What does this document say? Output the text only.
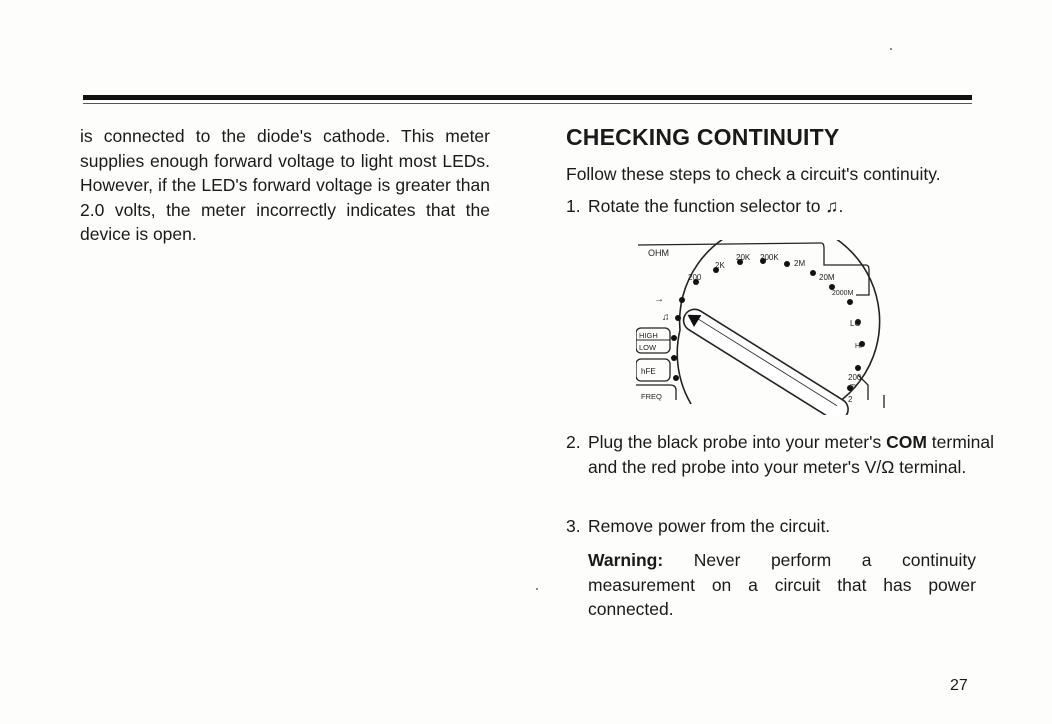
is connected to the diode's cathode. This meter supplies enough forward voltage to light most LEDs. However, if the LED's forward voltage is greater than 2.0 volts, the meter incorrectly indicates that the device is open.
CHECKING CONTINUITY
Follow these steps to check a circuit's continuity.
1. Rotate the function selector to ♫.
OHM
200
2K
20K 200K
2M
20M
2000M
LO
HI
200
m
2
HIGH
LOW
hFE
FREQ
→
♫
2. Plug the black probe into your meter's COM terminal and the red probe into your meter's V/Ω terminal.
3. Remove power from the circuit.
Warning: Never perform a continuity measurement on a circuit that has power connected.
27
